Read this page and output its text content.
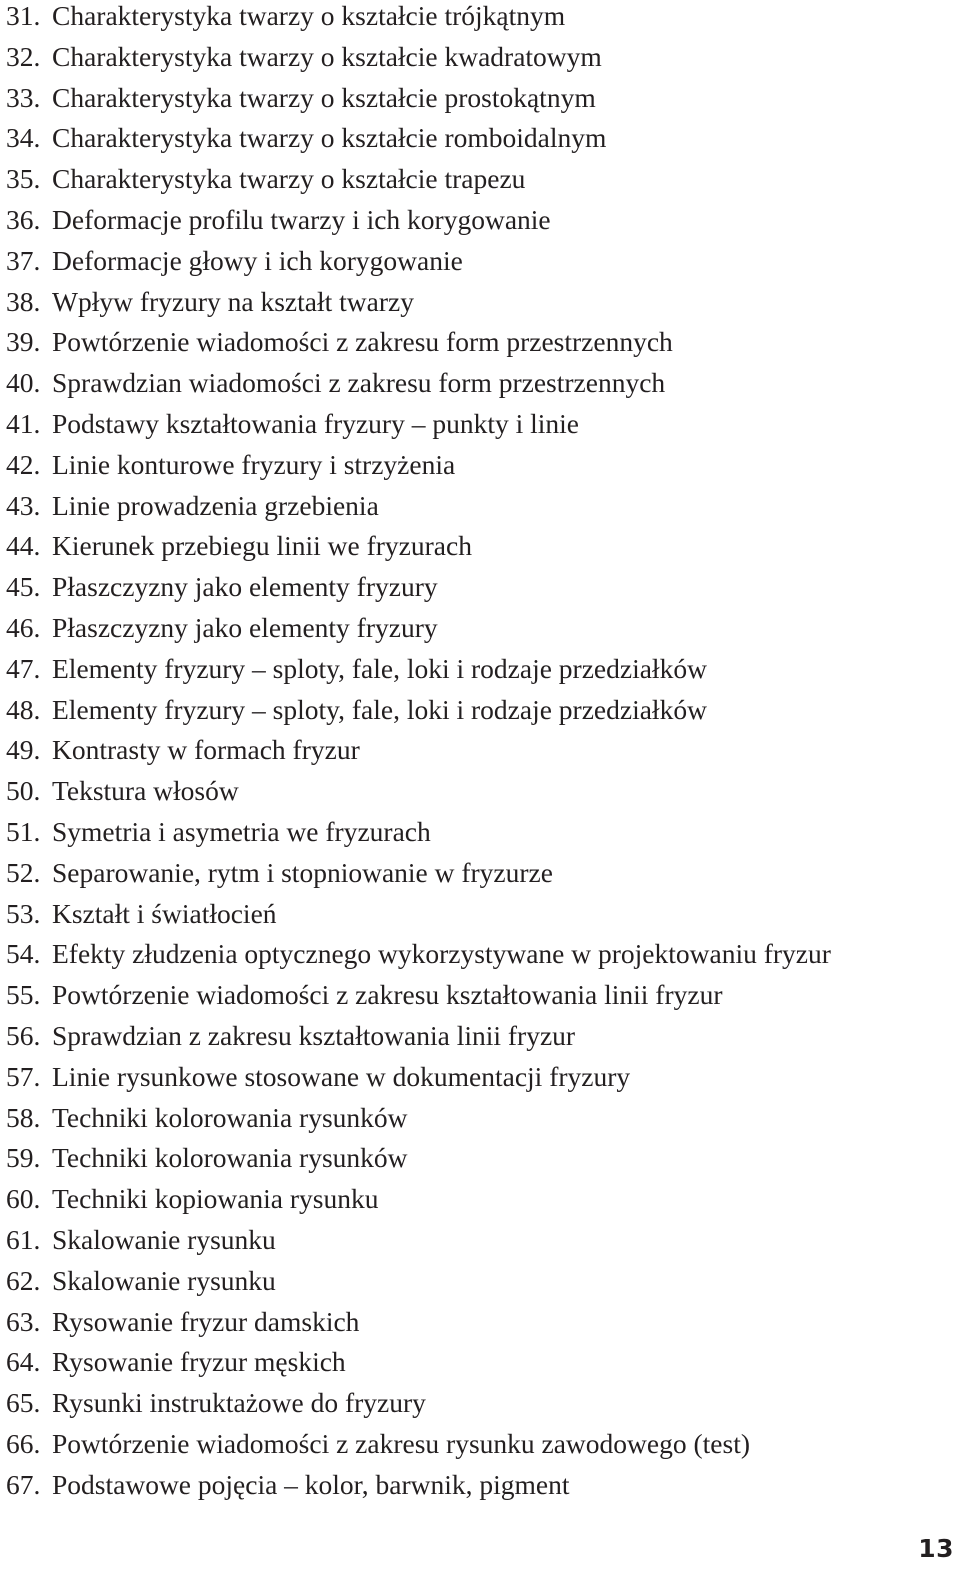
31. Charakterystyka twarzy o kształcie trójkątnym
32. Charakterystyka twarzy o kształcie kwadratowym
33. Charakterystyka twarzy o kształcie prostokątnym
34. Charakterystyka twarzy o kształcie romboidalnym
35. Charakterystyka twarzy o kształcie trapezu
36. Deformacje profilu twarzy i ich korygowanie
37. Deformacje głowy i ich korygowanie
38. Wpływ fryzury na kształt twarzy
39. Powtórzenie wiadomości z zakresu form przestrzennych
40. Sprawdzian wiadomości z zakresu form przestrzennych
41. Podstawy kształtowania fryzury – punkty i linie
42. Linie konturowe fryzury i strzyżenia
43. Linie prowadzenia grzebienia
44. Kierunek przebiegu linii we fryzurach
45. Płaszczyzny jako elementy fryzury
46. Płaszczyzny jako elementy fryzury
47. Elementy fryzury – sploty, fale, loki i rodzaje przedziałków
48. Elementy fryzury – sploty, fale, loki i rodzaje przedziałków
49. Kontrasty w formach fryzur
50. Tekstura włosów
51. Symetria i asymetria we fryzurach
52. Separowanie, rytm i stopniowanie w fryzurze
53. Kształt i światłocień
54. Efekty złudzenia optycznego wykorzystywane w projektowaniu fryzur
55. Powtórzenie wiadomości z zakresu kształtowania linii fryzur
56. Sprawdzian z zakresu kształtowania linii fryzur
57. Linie rysunkowe stosowane w dokumentacji fryzury
58. Techniki kolorowania rysunków
59. Techniki kolorowania rysunków
60. Techniki kopiowania rysunku
61. Skalowanie rysunku
62. Skalowanie rysunku
63. Rysowanie fryzur damskich
64. Rysowanie fryzur męskich
65. Rysunki instruktażowe do fryzury
66. Powtórzenie wiadomości z zakresu rysunku zawodowego (test)
67. Podstawowe pojęcia – kolor, barwnik, pigment
13
